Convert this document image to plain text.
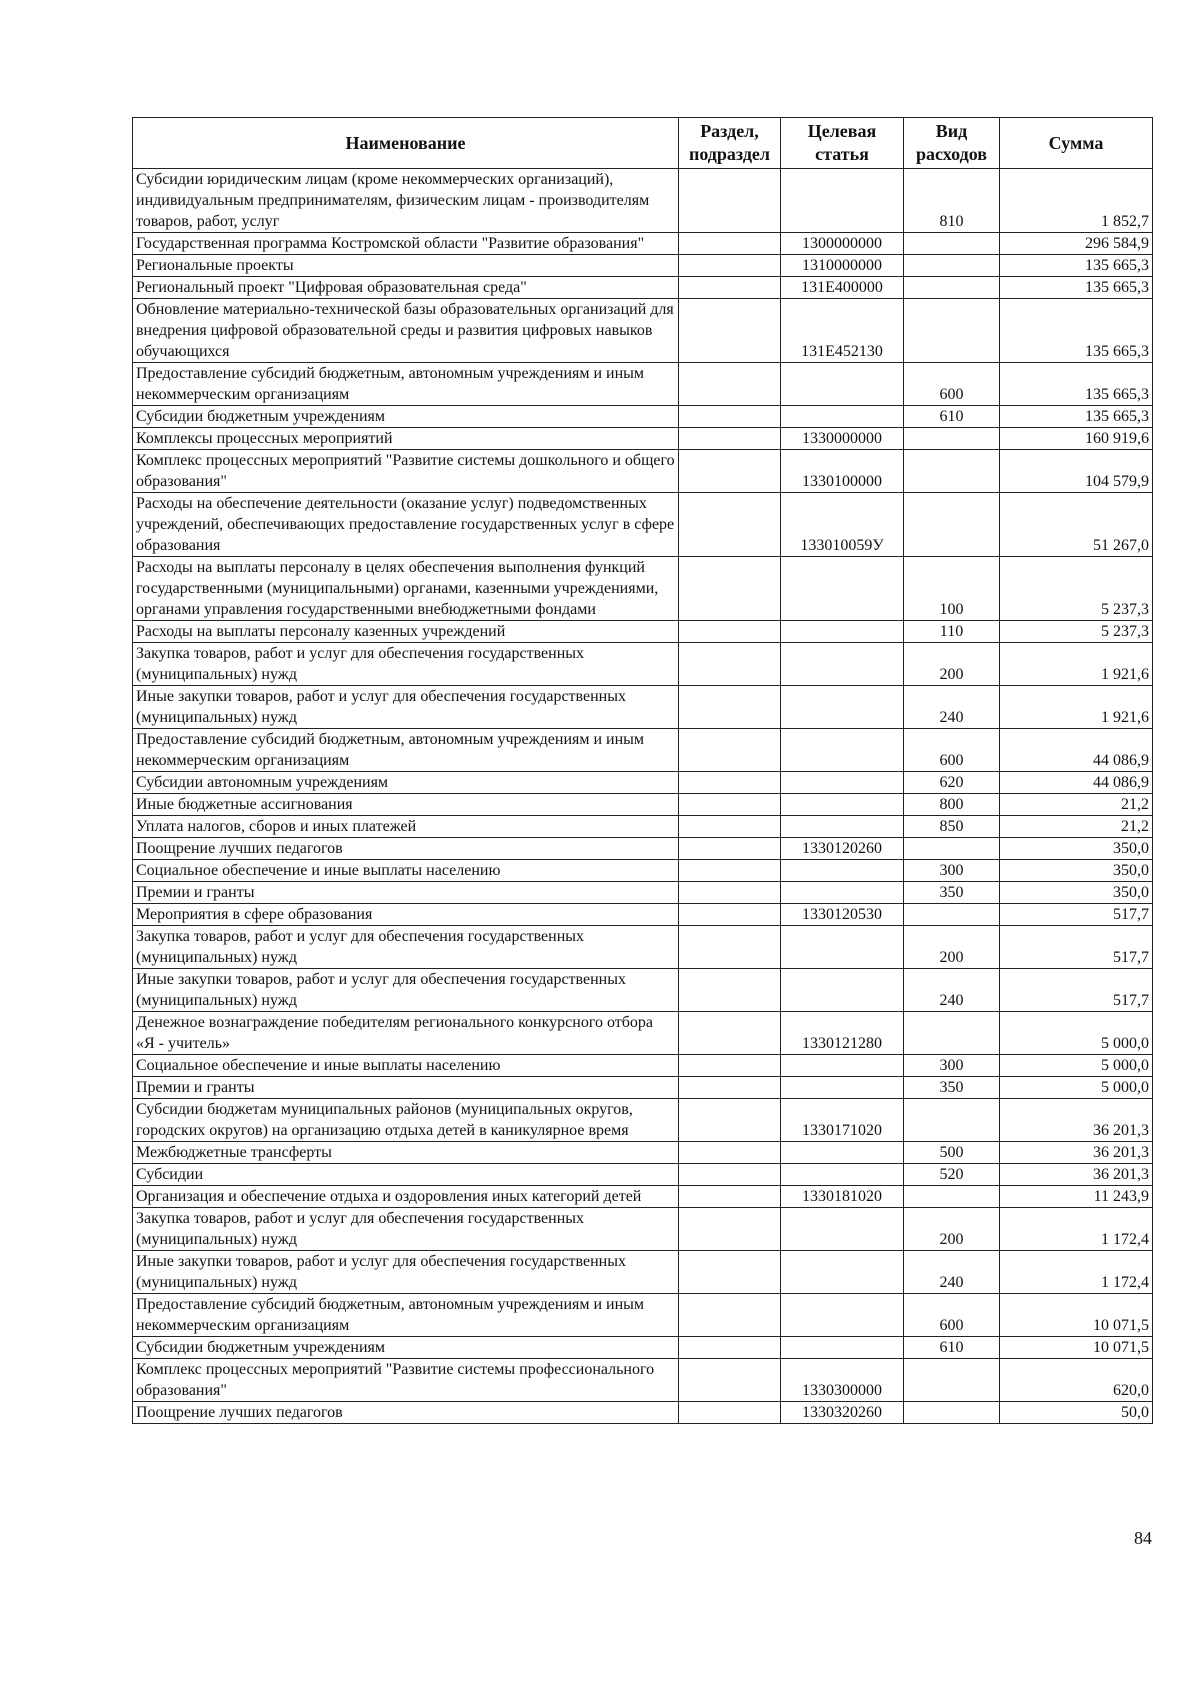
Наименование	Раздел, подраздел	Целевая статья	Вид расходов	Сумма
Субсидии юридическим лицам (кроме некоммерческих организаций), индивидуальным предпринимателям, физическим лицам - производителям товаров, работ, услуг			810	1 852,7
Государственная программа Костромской области "Развитие образования"		1300000000		296 584,9
Региональные проекты		1310000000		135 665,3
Региональный проект "Цифровая образовательная среда"		131Е400000		135 665,3
Обновление материально-технической базы образовательных организаций для внедрения цифровой образовательной среды и развития цифровых навыков обучающихся		131Е452130		135 665,3
Предоставление субсидий бюджетным, автономным учреждениям и иным некоммерческим организациям			600	135 665,3
Субсидии бюджетным учреждениям			610	135 665,3
Комплексы процессных мероприятий		1330000000		160 919,6
Комплекс процессных мероприятий "Развитие системы дошкольного и общего образования"		1330100000		104 579,9
Расходы на обеспечение деятельности (оказание услуг) подведомственных учреждений, обеспечивающих предоставление государственных услуг в сфере образования		133010059У		51 267,0
Расходы на выплаты персоналу в целях обеспечения выполнения функций государственными (муниципальными) органами, казенными учреждениями, органами управления государственными внебюджетными фондами			100	5 237,3
Расходы на выплаты персоналу казенных учреждений			110	5 237,3
Закупка товаров, работ и услуг для обеспечения государственных (муниципальных) нужд			200	1 921,6
Иные закупки товаров, работ и услуг для обеспечения государственных (муниципальных) нужд			240	1 921,6
Предоставление субсидий бюджетным, автономным учреждениям и иным некоммерческим организациям			600	44 086,9
Субсидии автономным учреждениям			620	44 086,9
Иные бюджетные ассигнования			800	21,2
Уплата налогов, сборов и иных платежей			850	21,2
Поощрение лучших педагогов		1330120260		350,0
Социальное обеспечение и иные выплаты населению			300	350,0
Премии и гранты			350	350,0
Мероприятия в сфере образования		1330120530		517,7
Закупка товаров, работ и услуг для обеспечения государственных (муниципальных) нужд			200	517,7
Иные закупки товаров, работ и услуг для обеспечения государственных (муниципальных) нужд			240	517,7
Денежное вознаграждение победителям регионального конкурсного отбора «Я - учитель»		1330121280		5 000,0
Социальное обеспечение и иные выплаты населению			300	5 000,0
Премии и гранты			350	5 000,0
Субсидии бюджетам муниципальных районов (муниципальных округов, городских округов) на организацию отдыха детей в каникулярное время		1330171020		36 201,3
Межбюджетные трансферты			500	36 201,3
Субсидии			520	36 201,3
Организация и обеспечение отдыха и оздоровления иных категорий детей		1330181020		11 243,9
Закупка товаров, работ и услуг для обеспечения государственных (муниципальных) нужд			200	1 172,4
Иные закупки товаров, работ и услуг для обеспечения государственных (муниципальных) нужд			240	1 172,4
Предоставление субсидий бюджетным, автономным учреждениям и иным некоммерческим организациям			600	10 071,5
Субсидии бюджетным учреждениям			610	10 071,5
Комплекс процессных мероприятий "Развитие системы профессионального образования"		1330300000		620,0
Поощрение лучших педагогов		1330320260		50,0
84
